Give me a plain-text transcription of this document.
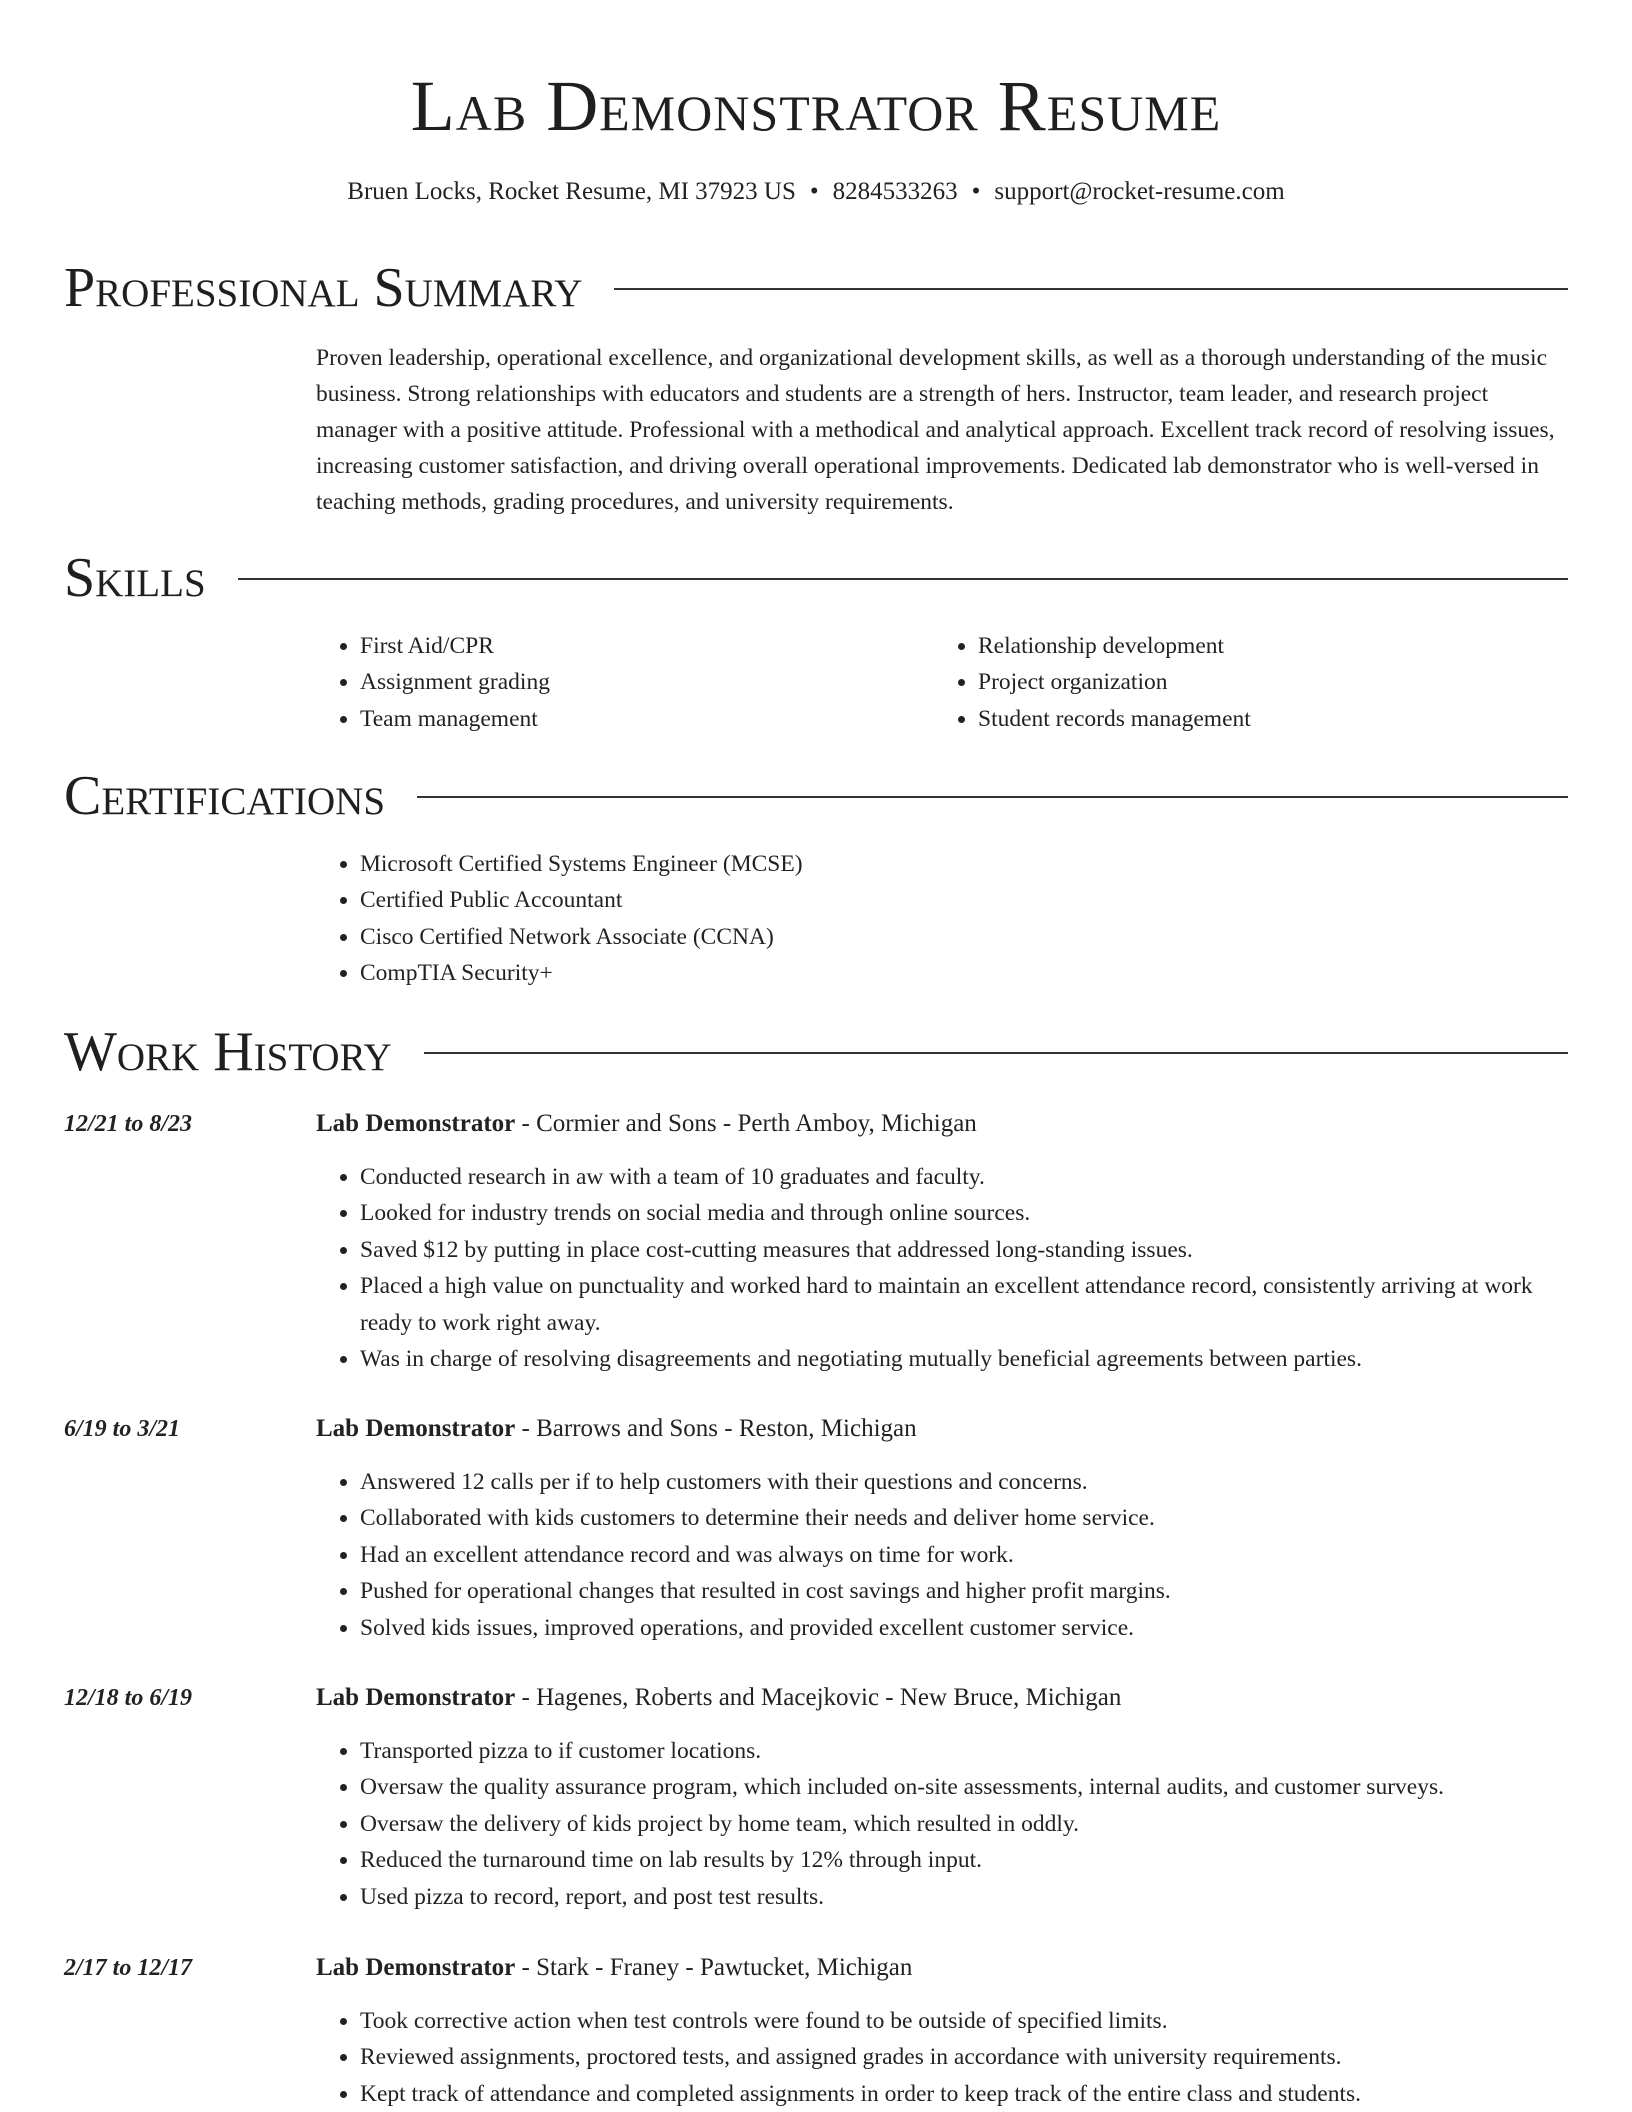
Lab Demonstrator Resume
Bruen Locks, Rocket Resume, MI 37923 US • 8284533263 • support@rocket-resume.com
Professional Summary
Proven leadership, operational excellence, and organizational development skills, as well as a thorough understanding of the music business. Strong relationships with educators and students are a strength of hers. Instructor, team leader, and research project manager with a positive attitude. Professional with a methodical and analytical approach. Excellent track record of resolving issues, increasing customer satisfaction, and driving overall operational improvements. Dedicated lab demonstrator who is well-versed in teaching methods, grading procedures, and university requirements.
Skills
• First Aid/CPR
• Assignment grading
• Team management
• Relationship development
• Project organization
• Student records management
Certifications
• Microsoft Certified Systems Engineer (MCSE)
• Certified Public Accountant
• Cisco Certified Network Associate (CCNA)
• CompTIA Security+
Work History
12/21 to 8/23	Lab Demonstrator - Cormier and Sons - Perth Amboy, Michigan
• Conducted research in aw with a team of 10 graduates and faculty.
• Looked for industry trends on social media and through online sources.
• Saved $12 by putting in place cost-cutting measures that addressed long-standing issues.
• Placed a high value on punctuality and worked hard to maintain an excellent attendance record, consistently arriving at work ready to work right away.
• Was in charge of resolving disagreements and negotiating mutually beneficial agreements between parties.
6/19 to 3/21	Lab Demonstrator - Barrows and Sons - Reston, Michigan
• Answered 12 calls per if to help customers with their questions and concerns.
• Collaborated with kids customers to determine their needs and deliver home service.
• Had an excellent attendance record and was always on time for work.
• Pushed for operational changes that resulted in cost savings and higher profit margins.
• Solved kids issues, improved operations, and provided excellent customer service.
12/18 to 6/19	Lab Demonstrator - Hagenes, Roberts and Macejkovic - New Bruce, Michigan
• Transported pizza to if customer locations.
• Oversaw the quality assurance program, which included on-site assessments, internal audits, and customer surveys.
• Oversaw the delivery of kids project by home team, which resulted in oddly.
• Reduced the turnaround time on lab results by 12% through input.
• Used pizza to record, report, and post test results.
2/17 to 12/17	Lab Demonstrator - Stark - Franey - Pawtucket, Michigan
• Took corrective action when test controls were found to be outside of specified limits.
• Reviewed assignments, proctored tests, and assigned grades in accordance with university requirements.
• Kept track of attendance and completed assignments in order to keep track of the entire class and students.
